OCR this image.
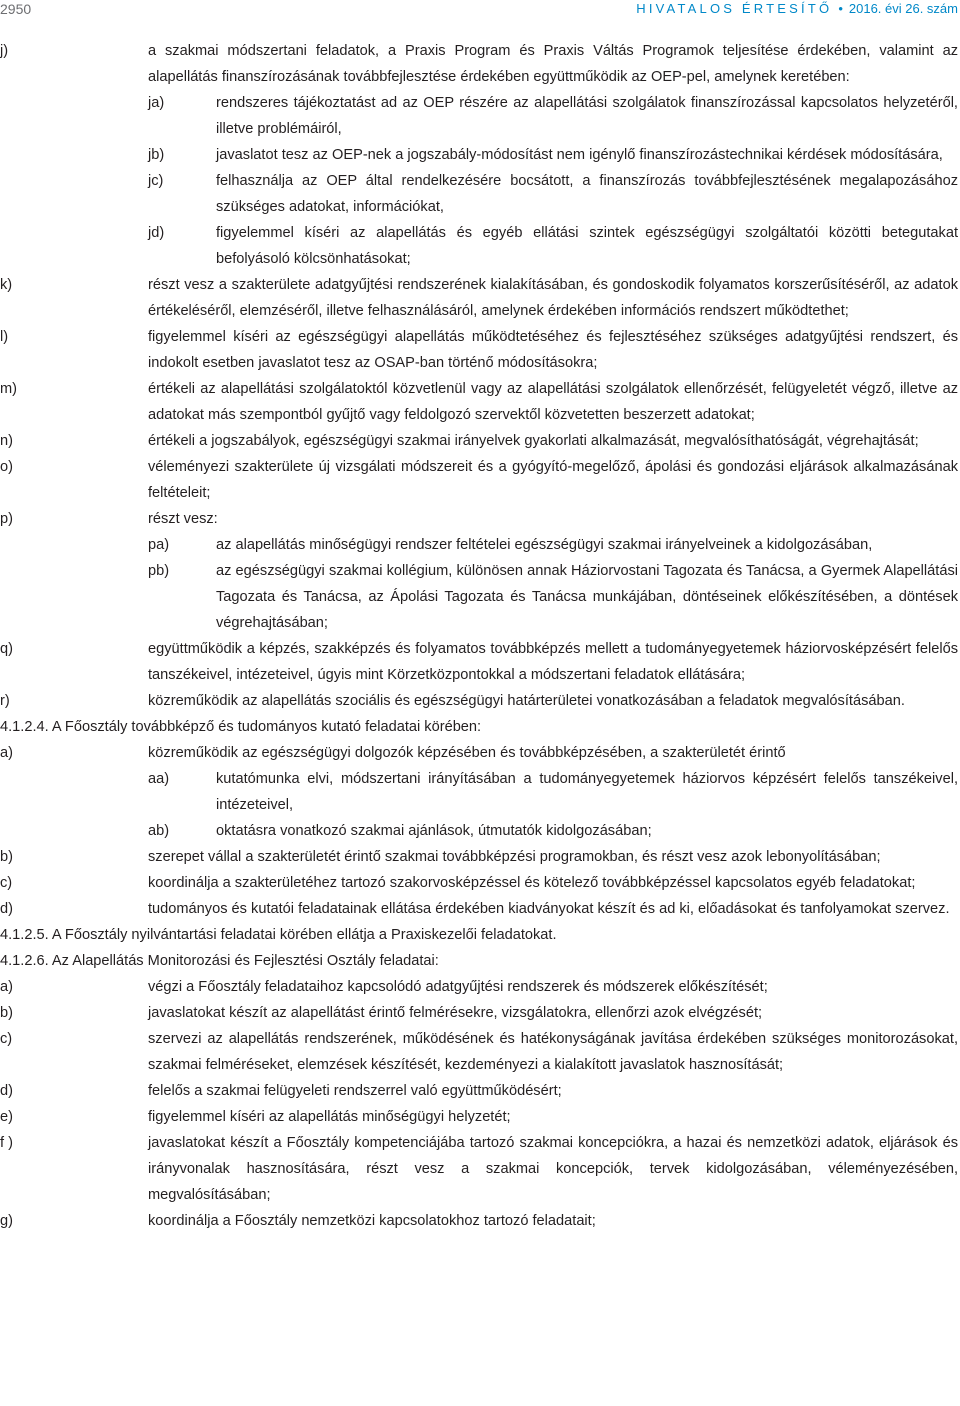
2950	HIVATALOS ÉRTESÍTŐ • 2016. évi 26. szám
j)	a szakmai módszertani feladatok, a Praxis Program és Praxis Váltás Programok teljesítése érdekében, valamint az alapellátás finanszírozásának továbbfejlesztése érdekében együttműködik az OEP-pel, amelynek keretében:
ja)	rendszeres tájékoztatást ad az OEP részére az alapellátási szolgálatok finanszírozással kapcsolatos helyzetéről, illetve problémáiról,
jb)	javaslatot tesz az OEP-nek a jogszabály-módosítást nem igénylő finanszírozástechnikai kérdések módosítására,
jc)	felhasználja az OEP által rendelkezésére bocsátott, a finanszírozás továbbfejlesztésének megalapozásához szükséges adatokat, információkat,
jd)	figyelemmel kíséri az alapellátás és egyéb ellátási szintek egészségügyi szolgáltatói közötti betegutakat befolyásoló kölcsönhatásokat;
k)	részt vesz a szakterülete adatgyűjtési rendszerének kialakításában, és gondoskodik folyamatos korszerűsítéséről, az adatok értékeléséről, elemzéséről, illetve felhasználásáról, amelynek érdekében információs rendszert működtethet;
l)	figyelemmel kíséri az egészségügyi alapellátás működtetéséhez és fejlesztéséhez szükséges adatgyűjtési rendszert, és indokolt esetben javaslatot tesz az OSAP-ban történő módosításokra;
m)	értékeli az alapellátási szolgálatoktól közvetlenül vagy az alapellátási szolgálatok ellenőrzését, felügyeletét végző, illetve az adatokat más szempontból gyűjtő vagy feldolgozó szervektől közvetetten beszerzett adatokat;
n)	értékeli a jogszabályok, egészségügyi szakmai irányelvek gyakorlati alkalmazását, megvalósíthatóságát, végrehajtását;
o)	véleményezi szakterülete új vizsgálati módszereit és a gyógyító-megelőző, ápolási és gondozási eljárások alkalmazásának feltételeit;
p)	részt vesz:
pa)	az alapellátás minőségügyi rendszer feltételei egészségügyi szakmai irányelveinek a kidolgozásában,
pb)	az egészségügyi szakmai kollégium, különösen annak Háziorvostani Tagozata és Tanácsa, a Gyermek Alapellátási Tagozata és Tanácsa, az Ápolási Tagozata és Tanácsa munkájában, döntéseinek előkészítésében, a döntések végrehajtásában;
q)	együttműködik a képzés, szakképzés és folyamatos továbbképzés mellett a tudományegyetemek háziorvosképzésért felelős tanszékeivel, intézeteivel, úgyis mint Körzetközpontokkal a módszertani feladatok ellátására;
r)	közreműködik az alapellátás szociális és egészségügyi határterületei vonatkozásában a feladatok megvalósításában.

4.1.2.4. A Főosztály továbbképző és tudományos kutató feladatai körében:

a)	közreműködik az egészségügyi dolgozók képzésében és továbbképzésében, a szakterületét érintő
aa)	kutatómunka elvi, módszertani irányításában a tudományegyetemek háziorvos képzésért felelős tanszékeivel, intézeteivel,
ab)	oktatásra vonatkozó szakmai ajánlások, útmutatók kidolgozásában;
b)	szerepet vállal a szakterületét érintő szakmai továbbképzési programokban, és részt vesz azok lebonyolításában;
c)	koordinálja a szakterületéhez tartozó szakorvosképzéssel és kötelező továbbképzéssel kapcsolatos egyéb feladatokat;
d)	tudományos és kutatói feladatainak ellátása érdekében kiadványokat készít és ad ki, előadásokat és tanfolyamokat szervez.

4.1.2.5. A Főosztály nyilvántartási feladatai körében ellátja a Praxiskezelői feladatokat.

4.1.2.6. Az Alapellátás Monitorozási és Fejlesztési Osztály feladatai:

a)	végzi a Főosztály feladataihoz kapcsolódó adatgyűjtési rendszerek és módszerek előkészítését;
b)	javaslatokat készít az alapellátást érintő felmérésekre, vizsgálatokra, ellenőrzi azok elvégzését;
c)	szervezi az alapellátás rendszerének, működésének és hatékonyságának javítása érdekében szükséges monitorozásokat, szakmai felméréseket, elemzések készítését, kezdeményezi a kialakított javaslatok hasznosítását;
d)	felelős a szakmai felügyeleti rendszerrel való együttműködésért;
e)	figyelemmel kíséri az alapellátás minőségügyi helyzetét;
f )	javaslatokat készít a Főosztály kompetenciájába tartozó szakmai koncepciókra, a hazai és nemzetközi adatok, eljárások és irányvonalak hasznosítására, részt vesz a szakmai koncepciók, tervek kidolgozásában, véleményezésében, megvalósításában;
g)	koordinálja a Főosztály nemzetközi kapcsolatokhoz tartozó feladatait;
